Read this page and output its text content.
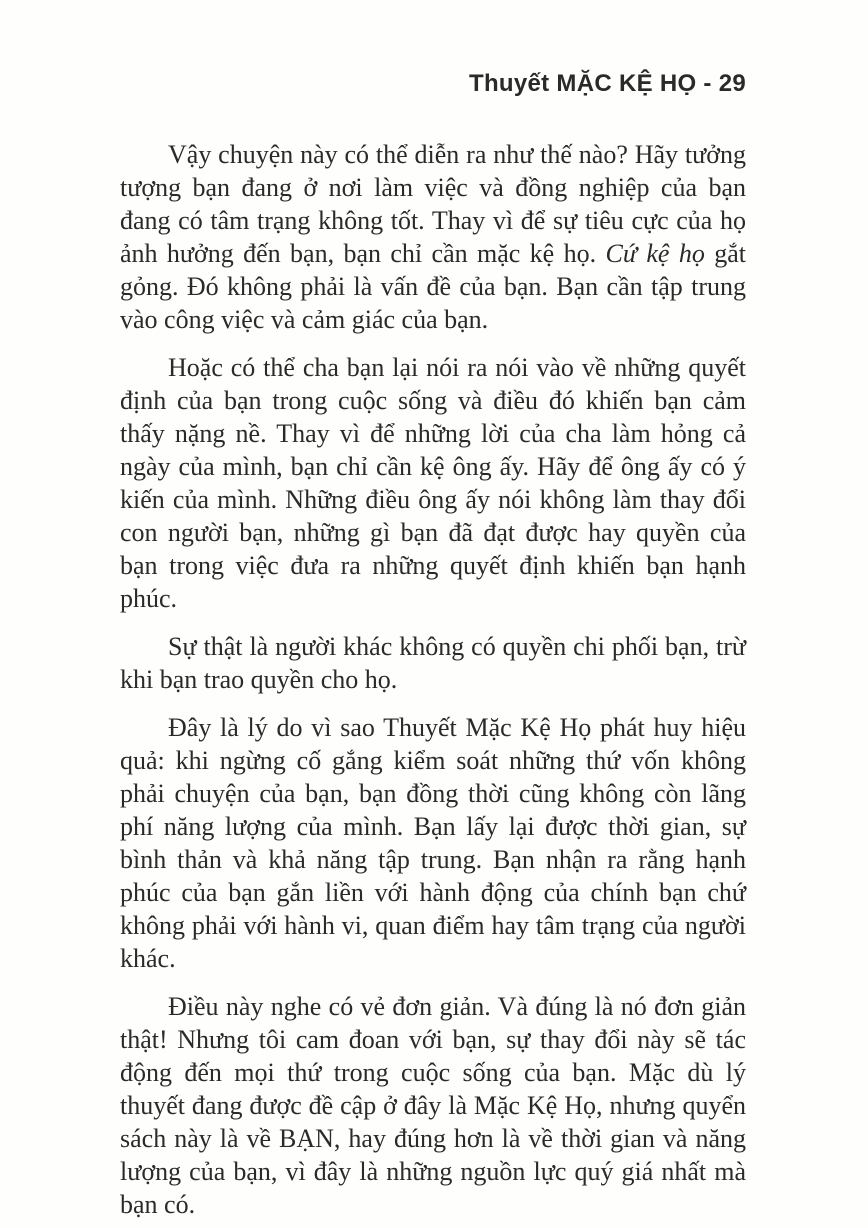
Thuyết MẶC KỆ HỌ - 29

Vậy chuyện này có thể diễn ra như thế nào? Hãy tưởng tượng bạn đang ở nơi làm việc và đồng nghiệp của bạn đang có tâm trạng không tốt. Thay vì để sự tiêu cực của họ ảnh hưởng đến bạn, bạn chỉ cần mặc kệ họ. Cứ kệ họ gắt gỏng. Đó không phải là vấn đề của bạn. Bạn cần tập trung vào công việc và cảm giác của bạn.

Hoặc có thể cha bạn lại nói ra nói vào về những quyết định của bạn trong cuộc sống và điều đó khiến bạn cảm thấy nặng nề. Thay vì để những lời của cha làm hỏng cả ngày của mình, bạn chỉ cần kệ ông ấy. Hãy để ông ấy có ý kiến của mình. Những điều ông ấy nói không làm thay đổi con người bạn, những gì bạn đã đạt được hay quyền của bạn trong việc đưa ra những quyết định khiến bạn hạnh phúc.

Sự thật là người khác không có quyền chi phối bạn, trừ khi bạn trao quyền cho họ.

Đây là lý do vì sao Thuyết Mặc Kệ Họ phát huy hiệu quả: khi ngừng cố gắng kiểm soát những thứ vốn không phải chuyện của bạn, bạn đồng thời cũng không còn lãng phí năng lượng của mình. Bạn lấy lại được thời gian, sự bình thản và khả năng tập trung. Bạn nhận ra rằng hạnh phúc của bạn gắn liền với hành động của chính bạn chứ không phải với hành vi, quan điểm hay tâm trạng của người khác.

Điều này nghe có vẻ đơn giản. Và đúng là nó đơn giản thật! Nhưng tôi cam đoan với bạn, sự thay đổi này sẽ tác động đến mọi thứ trong cuộc sống của bạn. Mặc dù lý thuyết đang được đề cập ở đây là Mặc Kệ Họ, nhưng quyển sách này là về BẠN, hay đúng hơn là về thời gian và năng lượng của bạn, vì đây là những nguồn lực quý giá nhất mà bạn có.
